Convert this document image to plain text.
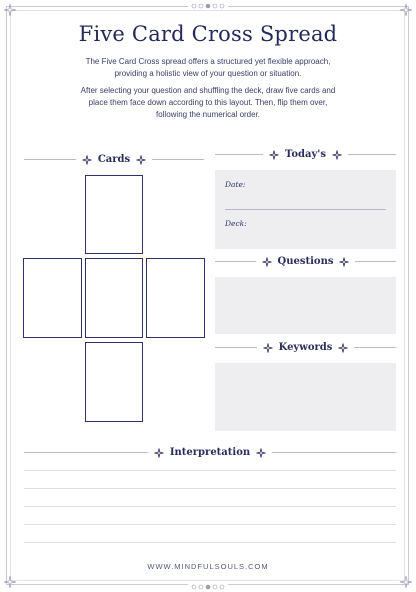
Five Card Cross Spread

The Five Card Cross spread offers a structured yet flexible approach, providing a holistic view of your question or situation.

After selecting your question and shuffling the deck, draw five cards and place them face down according to this layout. Then, flip them over, following the numerical order.

Cards	Today's
Date:
Deck:
Questions
Keywords
Interpretation
WWW.MINDFULSOULS.COM
